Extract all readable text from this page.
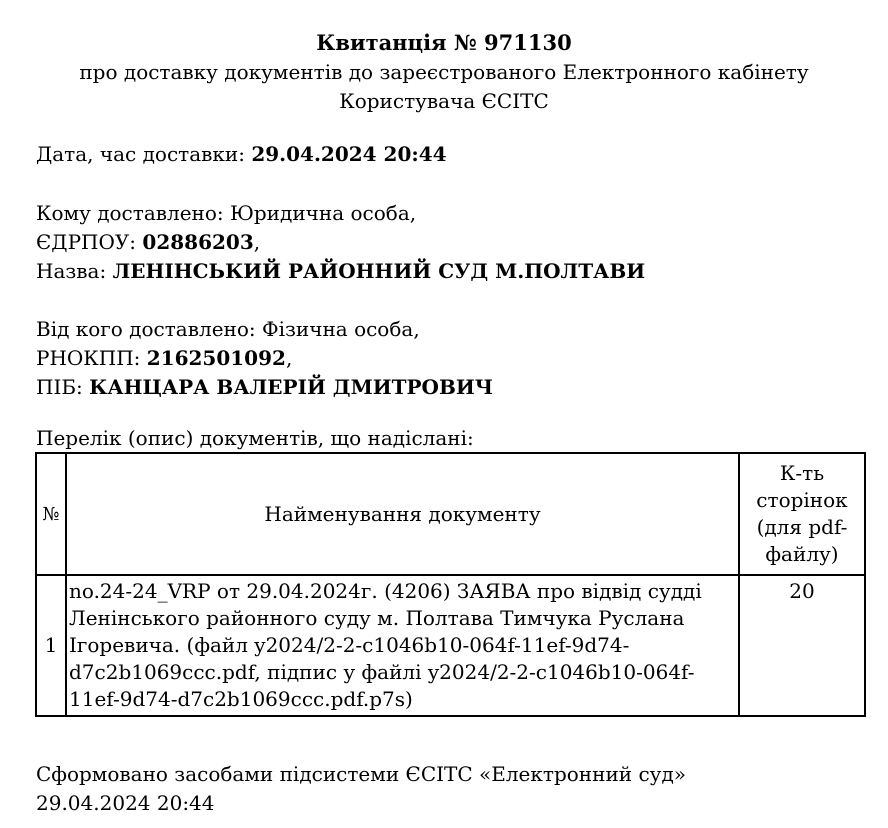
Квитанція № 971130
про доставку документів до зареєстрованого Електронного кабінету
Користувача ЄСІТС
Дата, час доставки: 29.04.2024 20:44
Кому доставлено: Юридична особа,
ЄДРПОУ: 02886203,
Назва: ЛЕНІНСЬКИЙ РАЙОННИЙ СУД М.ПОЛТАВИ
Від кого доставлено: Фізична особа,
РНОКПП: 2162501092,
ПІБ: КАНЦАРА ВАЛЕРІЙ ДМИТРОВИЧ
Перелік (опис) документів, що надіслані:
№	Найменування документу	К-ть
сторінок
(для pdf-
файлу)

1	no.24-24_VRP от 29.04.2024г. (4206) ЗАЯВА про відвід судді Ленінського районного суду м. Полтава Тимчука Руслана Ігоревича. (файл y2024/2-2-c1046b10-064f-11ef-9d74-d7c2b1069ccc.pdf, підпис у файлі y2024/2-2-c1046b10-064f-11ef-9d74-d7c2b1069ccc.pdf.p7s)	20
Сформовано засобами підсистеми ЄСІТС «Електронний суд»
29.04.2024 20:44
